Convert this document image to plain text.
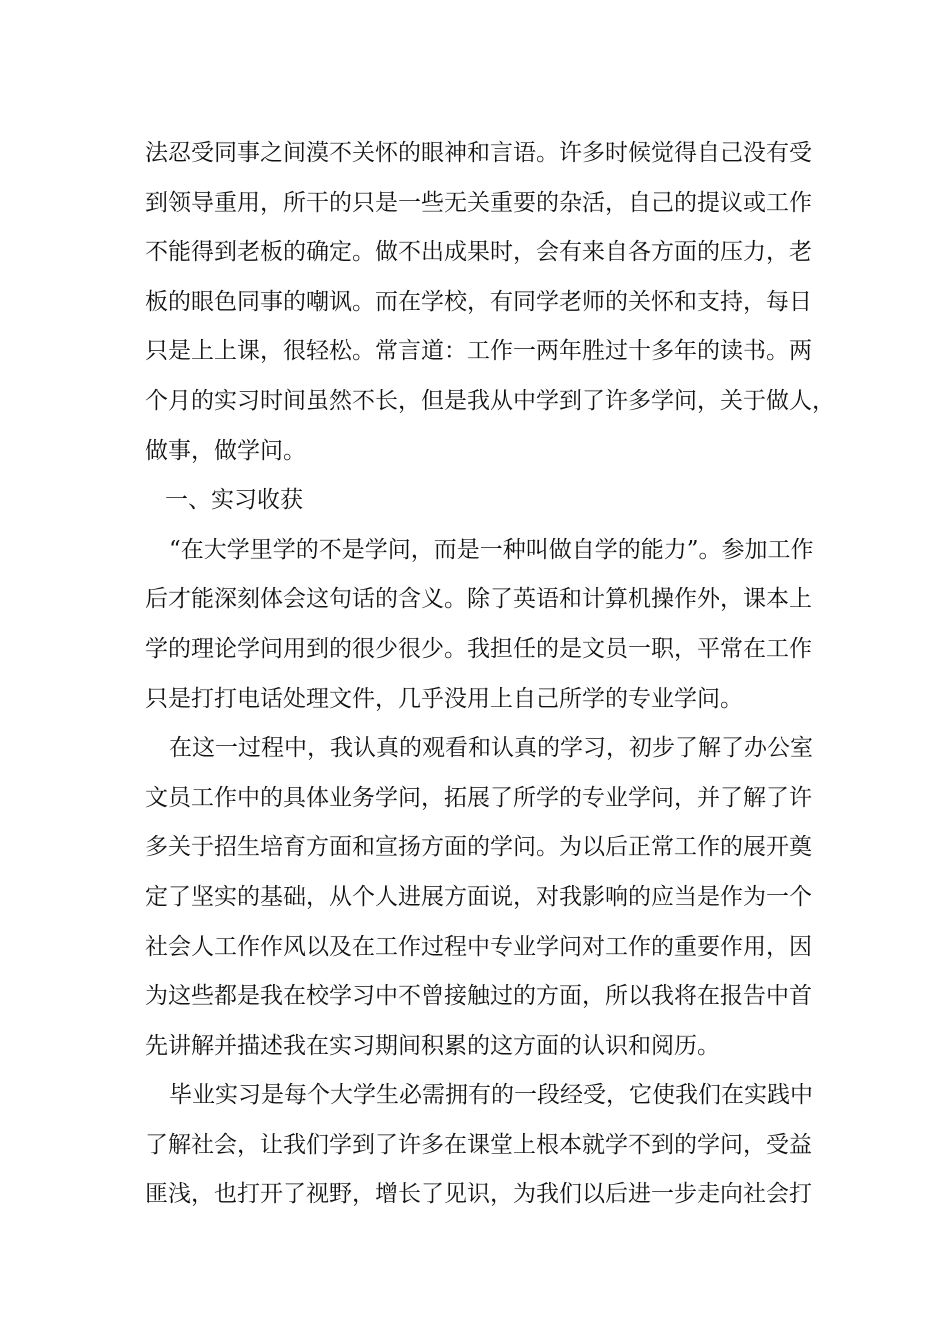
法忍受同事之间漠不关怀的眼神和言语。许多时候觉得自己没有受
到领导重用，所干的只是一些无关重要的杂活，自己的提议或工作
不能得到老板的确定。做不出成果时，会有来自各方面的压力，老
板的眼色同事的嘲讽。而在学校，有同学老师的关怀和支持，每日
只是上上课，很轻松。常言道：工作一两年胜过十多年的读书。两
个月的实习时间虽然不长，但是我从中学到了许多学问，关于做人，
做事，做学问。
一、实习收获
“在大学里学的不是学问，而是一种叫做自学的能力”。参加工作
后才能深刻体会这句话的含义。除了英语和计算机操作外，课本上
学的理论学问用到的很少很少。我担任的是文员一职，平常在工作
只是打打电话处理文件，几乎没用上自己所学的专业学问。
在这一过程中，我认真的观看和认真的学习，初步了解了办公室
文员工作中的具体业务学问，拓展了所学的专业学问，并了解了许
多关于招生培育方面和宣扬方面的学问。为以后正常工作的展开奠
定了坚实的基础，从个人进展方面说，对我影响的应当是作为一个
社会人工作作风以及在工作过程中专业学问对工作的重要作用，因
为这些都是我在校学习中不曾接触过的方面，所以我将在报告中首
先讲解并描述我在实习期间积累的这方面的认识和阅历。
毕业实习是每个大学生必需拥有的一段经受，它使我们在实践中
了解社会，让我们学到了许多在课堂上根本就学不到的学问，受益
匪浅，也打开了视野，增长了见识，为我们以后进一步走向社会打
